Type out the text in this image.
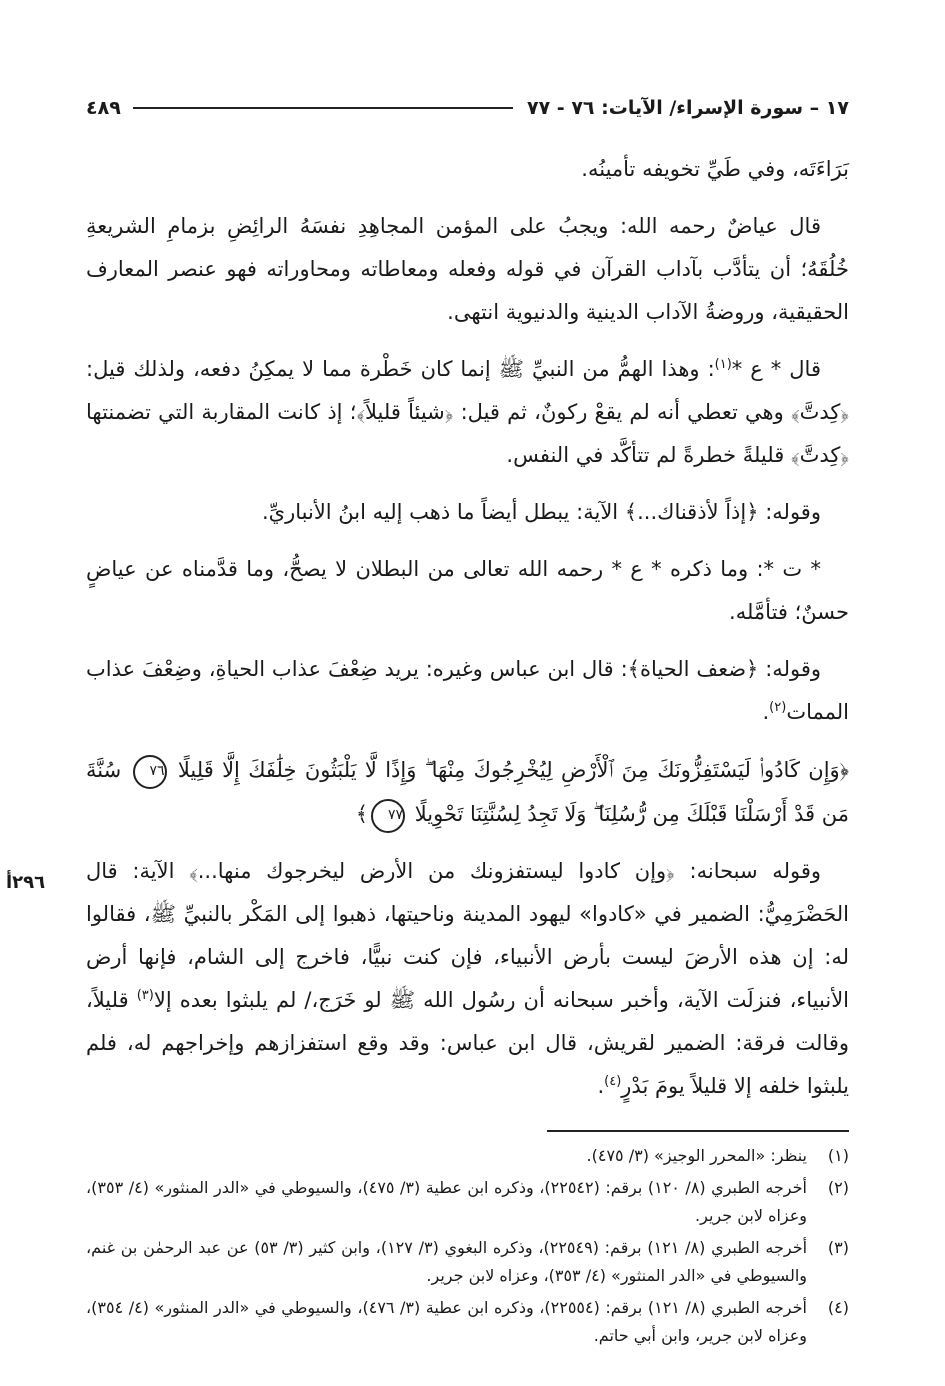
١٧ – سورة الإسراء/ الآيات: ٧٦ - ٧٧
٤٨٩

بَرَاءَتَه، وفي طَيِّ تخويفه تأمينُه.

قال عياضٌ رحمه الله: ويجبُ على المؤمن المجاهِدِ نفسَهُ الرائِضِ بزمامِ الشريعةِ خُلُقَهُ؛ أن يتأدَّب بآداب القرآن في قوله وفعله ومعاطاته ومحاوراته فهو عنصر المعارف الحقيقية، وروضةُ الآداب الدينية والدنيوية انتهى.

قال * ع *$^{(١)}$: وهذا الهمُّ من النبيِّ ﷺ إنما كان خَطْرة مما لا يمكِنُ دفعه، ولذلك قيل: ﴿كِدتَّ﴾ وهي تعطي أنه لم يقعْ ركونٌ، ثم قيل: ﴿شيئاً قليلاً﴾؛ إذ كانت المقاربة التي تضمنتها ﴿كِدتَّ﴾ قليلةً خطرةً لم تتأكَّد في النفس.

وقوله: ﴿إذاً لأذقناك...﴾ الآية: يبطل أيضاً ما ذهب إليه ابنُ الأنباريِّ.

* ت *: وما ذكره * ع * رحمه الله تعالى من البطلان لا يصحُّ، وما قدَّمناه عن عياضٍ حسنٌ؛ فتأمَّله.

وقوله: ﴿ضعف الحياة﴾: قال ابن عباس وغيره: يريد ضِعْفَ عذاب الحياةِ، وضِعْفَ عذاب الممات$^{(٢)}$.

﴿وَإِن كَادُوا۟ لَيَسْتَفِزُّونَكَ مِنَ ٱلْأَرْضِ لِيُخْرِجُوكَ مِنْهَا ۖ وَإِذًا لَّا يَلْبَثُونَ خِلَٰفَكَ إِلَّا قَلِيلًا ٧٦ سُنَّةَ مَن قَدْ أَرْسَلْنَا قَبْلَكَ مِن رُّسُلِنَا ۖ وَلَا تَجِدُ لِسُنَّتِنَا تَحْوِيلًا ٧٧﴾

وقوله سبحانه: ﴿وإن كادوا ليستفزونك من الأرض ليخرجوك منها...﴾ الآية: قال الحَضْرَمِيُّ: الضمير في «كادوا» ليهود المدينة وناحيتها، ذهبوا إلى المَكْر بالنبيِّ ﷺ، فقالوا له: إن هذه الأرضَ ليست بأرض الأنبياء، فإن كنت نبيًّا، فاخرج إلى الشام، فإنها أرض الأنبياء، فنزلَت الآية، وأخبر سبحانه أن رسُول الله ﷺ لو خَرَج،/ لم يلبثوا بعده إلا$^{(٣)}$ قليلاً، وقالت فرقة: الضمير لقريش، قال ابن عباس: وقد وقع استفزازهم وإخراجهم له، فلم يلبثوا خلفه إلا قليلاً يومَ بَدْرٍ$^{(٤)}$.

٢٩٦أ
(١)
ينظر: «المحرر الوجيز» (٣/ ٤٧٥).
(٢)
أخرجه الطبري (٨/ ١٢٠) برقم: (٢٢٥٤٢)، وذكره ابن عطية (٣/ ٤٧٥)، والسيوطي في «الدر المنثور» (٤/ ٣٥٣)، وعزاه لابن جرير.
(٣)
أخرجه الطبري (٨/ ١٢١) برقم: (٢٢٥٤٩)، وذكره البغوي (٣/ ١٢٧)، وابن كثير (٣/ ٥٣) عن عبد الرحمٰن بن غنم، والسيوطي في «الدر المنثور» (٤/ ٣٥٣)، وعزاه لابن جرير.
(٤)
أخرجه الطبري (٨/ ١٢١) برقم: (٢٢٥٥٤)، وذكره ابن عطية (٣/ ٤٧٦)، والسيوطي في «الدر المنثور» (٤/ ٣٥٤)، وعزاه لابن جرير، وابن أبي حاتم.
